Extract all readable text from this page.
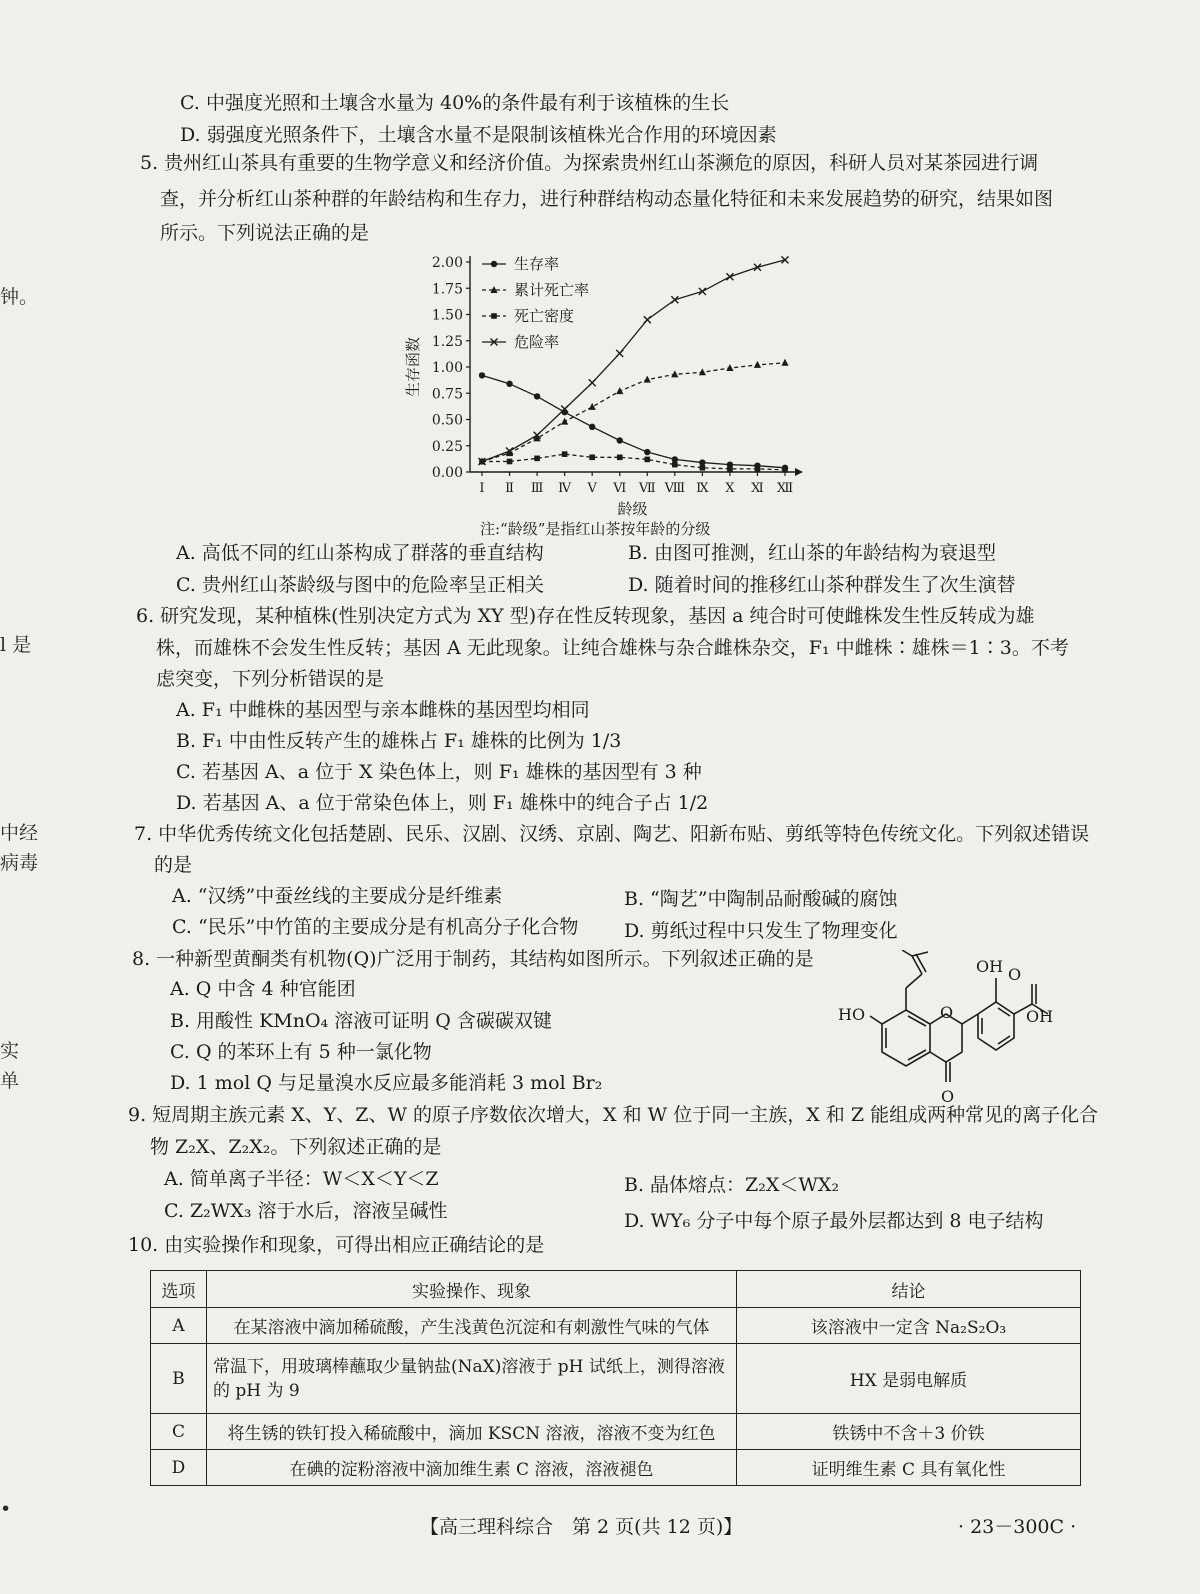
钟。
l 是
中经
病毒
实
单
•
C. 中强度光照和土壤含水量为 40%的条件最有利于该植株的生长
D. 弱强度光照条件下，土壤含水量不是限制该植株光合作用的环境因素
5. 贵州红山茶具有重要的生物学意义和经济价值。为探索贵州红山茶濒危的原因，科研人员对某茶园进行调
查，并分析红山茶种群的年龄结构和生存力，进行种群结构动态量化特征和未来发展趋势的研究，结果如图
所示。下列说法正确的是
0.00
0.25
0.50
0.75
1.00
1.25
1.50
1.75
2.00
Ⅰ Ⅱ Ⅲ Ⅳ Ⅴ Ⅵ Ⅶ Ⅷ Ⅸ Ⅹ Ⅺ Ⅻ
龄级
生存函数
生存率
累计死亡率
死亡密度
危险率
注:“龄级”是指红山茶按年龄的分级
A. 高低不同的红山茶构成了群落的垂直结构	B. 由图可推测，红山茶的年龄结构为衰退型
C. 贵州红山茶龄级与图中的危险率呈正相关	D. 随着时间的推移红山茶种群发生了次生演替
6. 研究发现，某种植株(性别决定方式为 XY 型)存在性反转现象，基因 a 纯合时可使雌株发生性反转成为雄
株，而雄株不会发生性反转；基因 A 无此现象。让纯合雄株与杂合雌株杂交，F₁ 中雌株∶雄株＝1∶3。不考
虑突变，下列分析错误的是
A. F₁ 中雌株的基因型与亲本雌株的基因型均相同
B. F₁ 中由性反转产生的雄株占 F₁ 雄株的比例为 1/3
C. 若基因 A、a 位于 X 染色体上，则 F₁ 雄株的基因型有 3 种
D. 若基因 A、a 位于常染色体上，则 F₁ 雄株中的纯合子占 1/2
7. 中华优秀传统文化包括楚剧、民乐、汉剧、汉绣、京剧、陶艺、阳新布贴、剪纸等特色传统文化。下列叙述错误
的是
A. “汉绣”中蚕丝线的主要成分是纤维素	B. “陶艺”中陶制品耐酸碱的腐蚀
C. “民乐”中竹笛的主要成分是有机高分子化合物 D. 剪纸过程中只发生了物理变化
8. 一种新型黄酮类有机物(Q)广泛用于制药，其结构如图所示。下列叙述正确的是
A. Q 中含 4 种官能团
B. 用酸性 KMnO₄ 溶液可证明 Q 含碳碳双键
C. Q 的苯环上有 5 种一氯化物
D. 1 mol Q 与足量溴水反应最多能消耗 3 mol Br₂
HO
OH O
OH
O
O
9. 短周期主族元素 X、Y、Z、W 的原子序数依次增大，X 和 W 位于同一主族，X 和 Z 能组成两种常见的离子化合
物 Z₂X、Z₂X₂。下列叙述正确的是
A. 简单离子半径：W＜X＜Y＜Z	B. 晶体熔点：Z₂X＜WX₂
C. Z₂WX₃ 溶于水后，溶液呈碱性	D. WY₆ 分子中每个原子最外层都达到 8 电子结构
10. 由实验操作和现象，可得出相应正确结论的是
选项	实验操作、现象	结论
A	在某溶液中滴加稀硫酸，产生浅黄色沉淀和有刺激性气味的气体	该溶液中一定含 Na₂S₂O₃
B	常温下，用玻璃棒蘸取少量钠盐(NaX)溶液于 pH 试纸上，测得溶液的 pH 为 9	HX 是弱电解质
C	将生锈的铁钉投入稀硫酸中，滴加 KSCN 溶液，溶液不变为红色	铁锈中不含＋3 价铁
D	在碘的淀粉溶液中滴加维生素 C 溶液，溶液褪色	证明维生素 C 具有氧化性
【高三理科综合　第 2 页(共 12 页)】	· 23－300C ·
